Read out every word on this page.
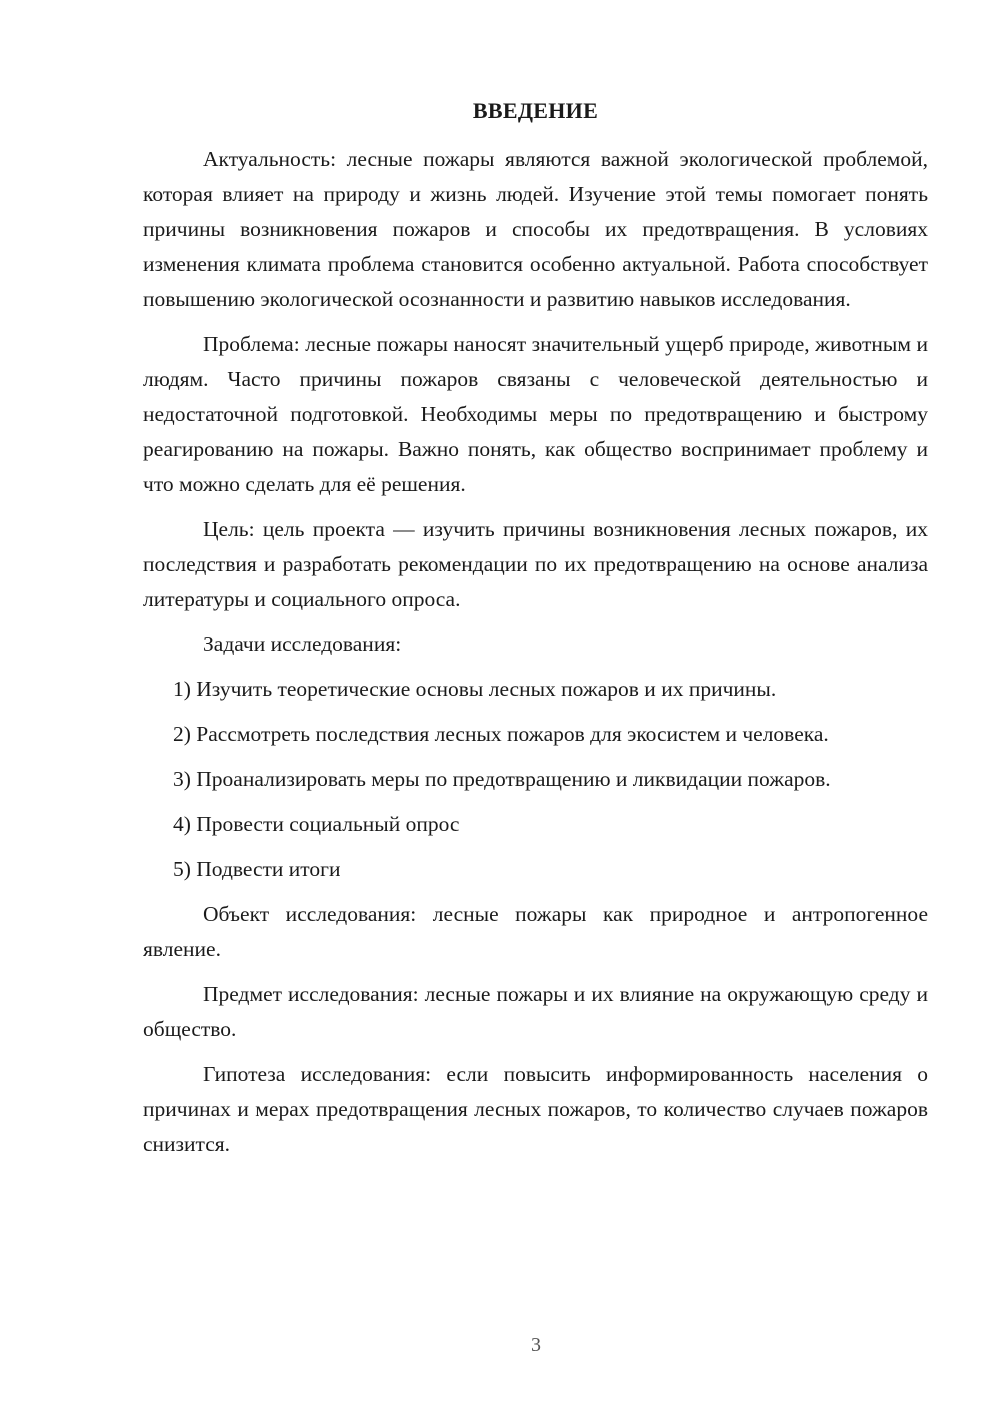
ВВЕДЕНИЕ

Актуальность: лесные пожары являются важной экологической проблемой, которая влияет на природу и жизнь людей. Изучение этой темы помогает понять причины возникновения пожаров и способы их предотвращения. В условиях изменения климата проблема становится особенно актуальной. Работа способствует повышению экологической осознанности и развитию навыков исследования.

Проблема: лесные пожары наносят значительный ущерб природе, животным и людям. Часто причины пожаров связаны с человеческой деятельностью и недостаточной подготовкой. Необходимы меры по предотвращению и быстрому реагированию на пожары. Важно понять, как общество воспринимает проблему и что можно сделать для её решения.

Цель: цель проекта — изучить причины возникновения лесных пожаров, их последствия и разработать рекомендации по их предотвращению на основе анализа литературы и социального опроса.

Задачи исследования:

1) Изучить теоретические основы лесных пожаров и их причины.

2) Рассмотреть последствия лесных пожаров для экосистем и человека.

3) Проанализировать меры по предотвращению и ликвидации пожаров.

4) Провести социальный опрос

5) Подвести итоги

Объект исследования: лесные пожары как природное и антропогенное явление.

Предмет исследования: лесные пожары и их влияние на окружающую среду и общество.

Гипотеза исследования: если повысить информированность населения о причинах и мерах предотвращения лесных пожаров, то количество случаев пожаров снизится.

3
